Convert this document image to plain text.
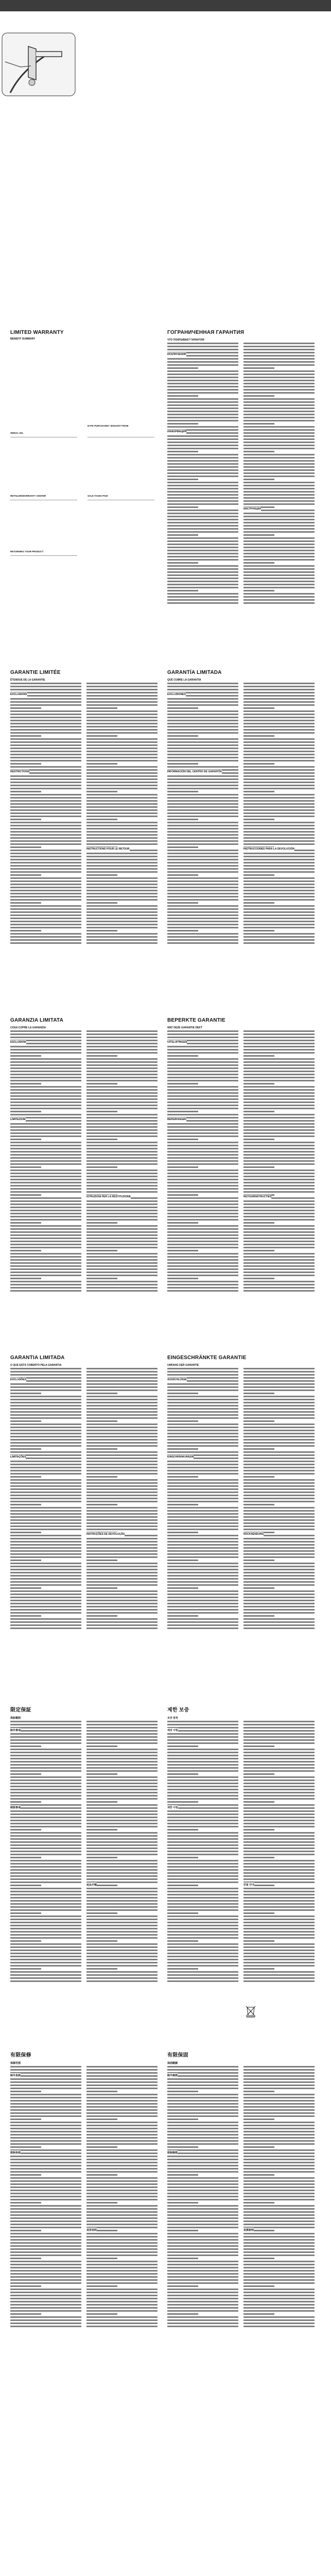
LIMITED WARRANTY
BENEFIT SUMMARY
SERIAL NO.
DATE PURCHASED / BOUGHT FROM
RETAILER/WARRANTY CENTER	SALE TAXES PAID
RETURNING YOUR PRODUCT
GARANTIE LIMITÉE
ÉTENDUE DE LA GARANTIE
EXCLUSIONS
RESTRICTIONS
INSTRUCTIONS POUR LE RETOUR
GARANTÍA LIMITADA
QUÉ CUBRE LA GARANTÍA
EXCLUSIONES
INFORMACIÓN DEL CENTRO DE GARANTÍA
INSTRUCCIONES PARA LA DEVOLUCIÓN
ГОГРАНИЧЕННАЯ ГАРАНТИЯ
ЧТО ПОКРЫВАЕТ ГАРАНТИЯ
ИСКЛЮЧЕНИЯ
ИНФОРМАЦИЯ
ИНСТРУКЦИИ
GARANZIA LIMITATA
COSA COPRE LA GARANZIA
ESCLUSIONI
LIMITAZIONI
ISTRUZIONI PER LA RESTITUZIONE
BEPERKTE GARANTIE
WAT DEZE GARANTIE DEKT
UITSLUITINGEN
BEPERKINGEN
RETOURINSTRUCTIES
GARANTIA LIMITADA
O QUE ESTÁ COBERTO PELA GARANTIA
EXCLUSÕES
LIMITAÇÕES
INSTRUÇÕES DE DEVOLUÇÃO
EINGESCHRÄNKTE GARANTIE
UMFANG DER GARANTIE
AUSSCHLÜSSE
EINSCHRÄNKUNGEN
RÜCKSENDUNG
限定保証
保証範囲
除外事項
制限事項
返品手順
제한 보증
보증 범위
제외 사항
제한 사항
반품 안내
有限保修
保修范围
除外条款
限制条款
退货说明
有限保固
保固範圍
除外條款
限制條款
退貨說明
